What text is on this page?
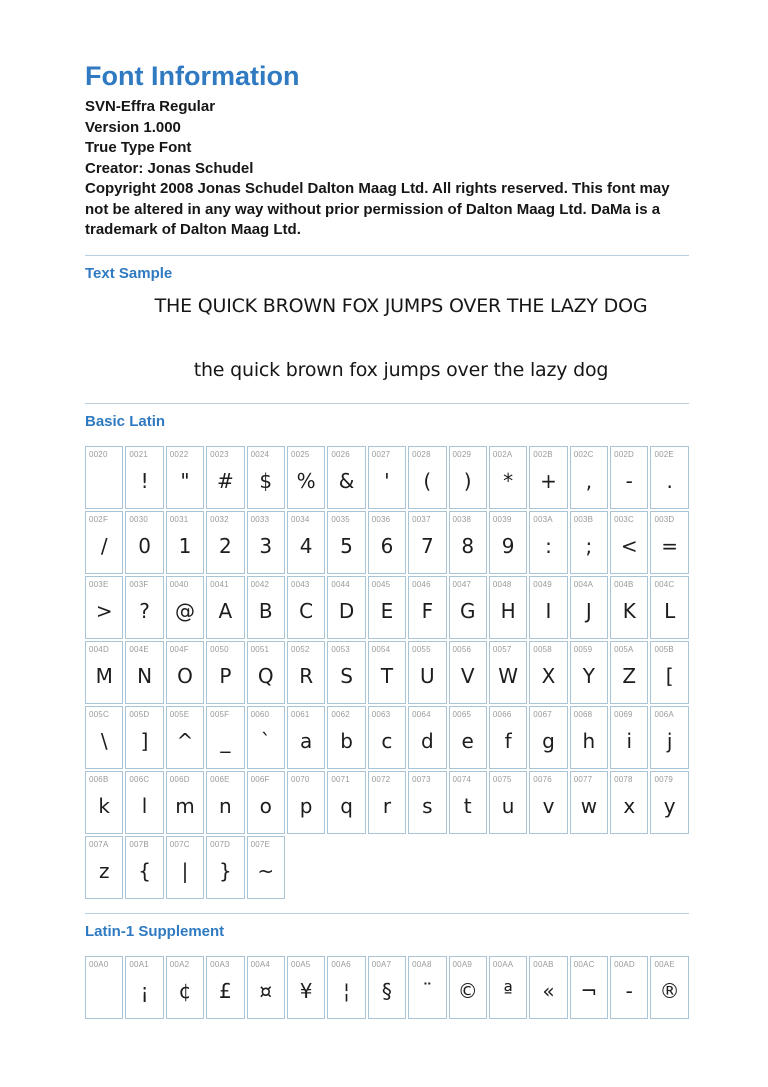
Font Information
SVN-Effra Regular
Version 1.000
True Type Font
Creator: Jonas Schudel
Copyright 2008 Jonas Schudel Dalton Maag Ltd. All rights reserved. This font may not be altered in any way without prior permission of Dalton Maag Ltd. DaMa is a trademark of Dalton Maag Ltd.
Text Sample

THE QUICK BROWN FOX JUMPS OVER THE LAZY DOG

the quick brown fox jumps over the lazy dog

Basic Latin
0020	0021
!
0022
"
0023
#
0024
$
0025
%
0026
&
0027
'
0028
(
0029
)
002A
*
002B
+
002C
,
002D
-
002E
.
002F
/
0030
0
0031
1
0032
2
0033
3
0034
4
0035
5
0036
6
0037
7
0038
8
0039
9
003A
:
003B
;
003C
<
003D
=
003E
>
003F
?
0040
@
0041
A
0042
B
0043
C
0044
D
0045
E
0046
F
0047
G
0048
H
0049
I
004A
J
004B
K
004C
L
004D
M
004E
N
004F
O
0050
P
0051
Q
0052
R
0053
S
0054
T
0055
U
0056
V
0057
W
0058
X
0059
Y
005A
Z
005B
[
005C
\
005D
]
005E
^
005F
_
0060
`
0061
a
0062
b
0063
c
0064
d
0065
e
0066
f
0067
g
0068
h
0069
i
006A
j
006B
k
006C
l
006D
m
006E
n
006F
o
0070
p
0071
q
0072
r
0073
s
0074
t
0075
u
0076
v
0077
w
0078
x
0079
y
007A
z
007B
{
007C
|
007D
}
007E
~
Latin-1 Supplement
00A0	00A1
¡
00A2
¢
00A3
£
00A4
¤
00A5
¥
00A6
¦
00A7
§
00A8
¨
00A9
©
00AA
ª
00AB
«
00AC
¬
00AD
-
00AE
®
